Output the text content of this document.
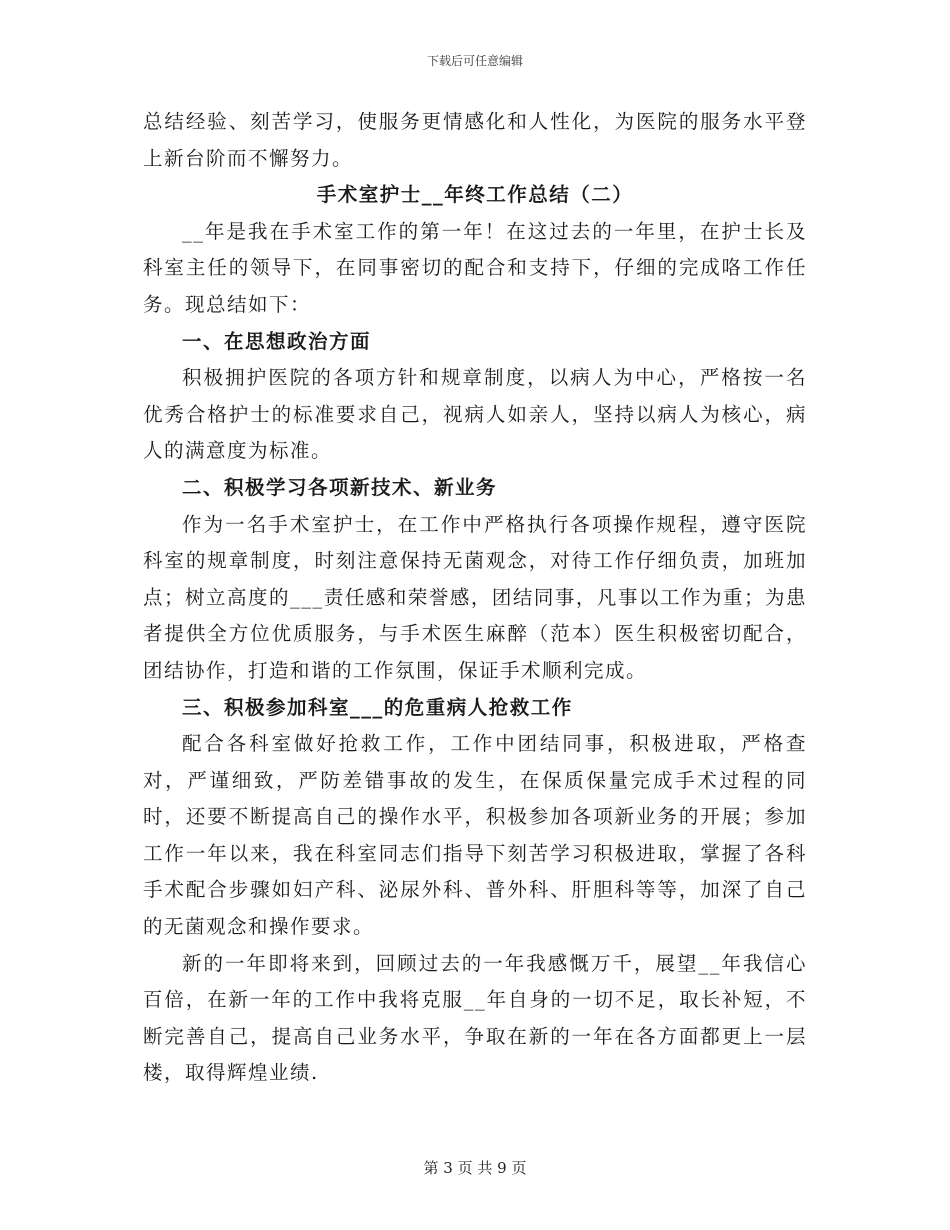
下载后可任意编辑

总结经验、刻苦学习，使服务更情感化和人性化，为医院的服务水平登上新台阶而不懈努力。

手术室护士__年终工作总结（二）

__年是我在手术室工作的第一年！在这过去的一年里，在护士长及科室主任的领导下，在同事密切的配合和支持下，仔细的完成咯工作任务。现总结如下：

一、在思想政治方面

积极拥护医院的各项方针和规章制度，以病人为中心，严格按一名优秀合格护士的标准要求自己，视病人如亲人，坚持以病人为核心，病人的满意度为标准。

二、积极学习各项新技术、新业务

作为一名手术室护士，在工作中严格执行各项操作规程，遵守医院科室的规章制度，时刻注意保持无菌观念，对待工作仔细负责，加班加点；树立高度的___责任感和荣誉感，团结同事，凡事以工作为重；为患者提供全方位优质服务，与手术医生麻醉（范本）医生积极密切配合，团结协作，打造和谐的工作氛围，保证手术顺利完成。

三、积极参加科室___的危重病人抢救工作

配合各科室做好抢救工作，工作中团结同事，积极进取，严格查对，严谨细致，严防差错事故的发生，在保质保量完成手术过程的同时，还要不断提高自己的操作水平，积极参加各项新业务的开展；参加工作一年以来，我在科室同志们指导下刻苦学习积极进取，掌握了各科手术配合步骤如妇产科、泌尿外科、普外科、肝胆科等等，加深了自己的无菌观念和操作要求。

新的一年即将来到，回顾过去的一年我感慨万千，展望__年我信心百倍，在新一年的工作中我将克服__年自身的一切不足，取长补短，不断完善自己，提高自己业务水平，争取在新的一年在各方面都更上一层楼，取得辉煌业绩.

第 3 页 共 9 页
